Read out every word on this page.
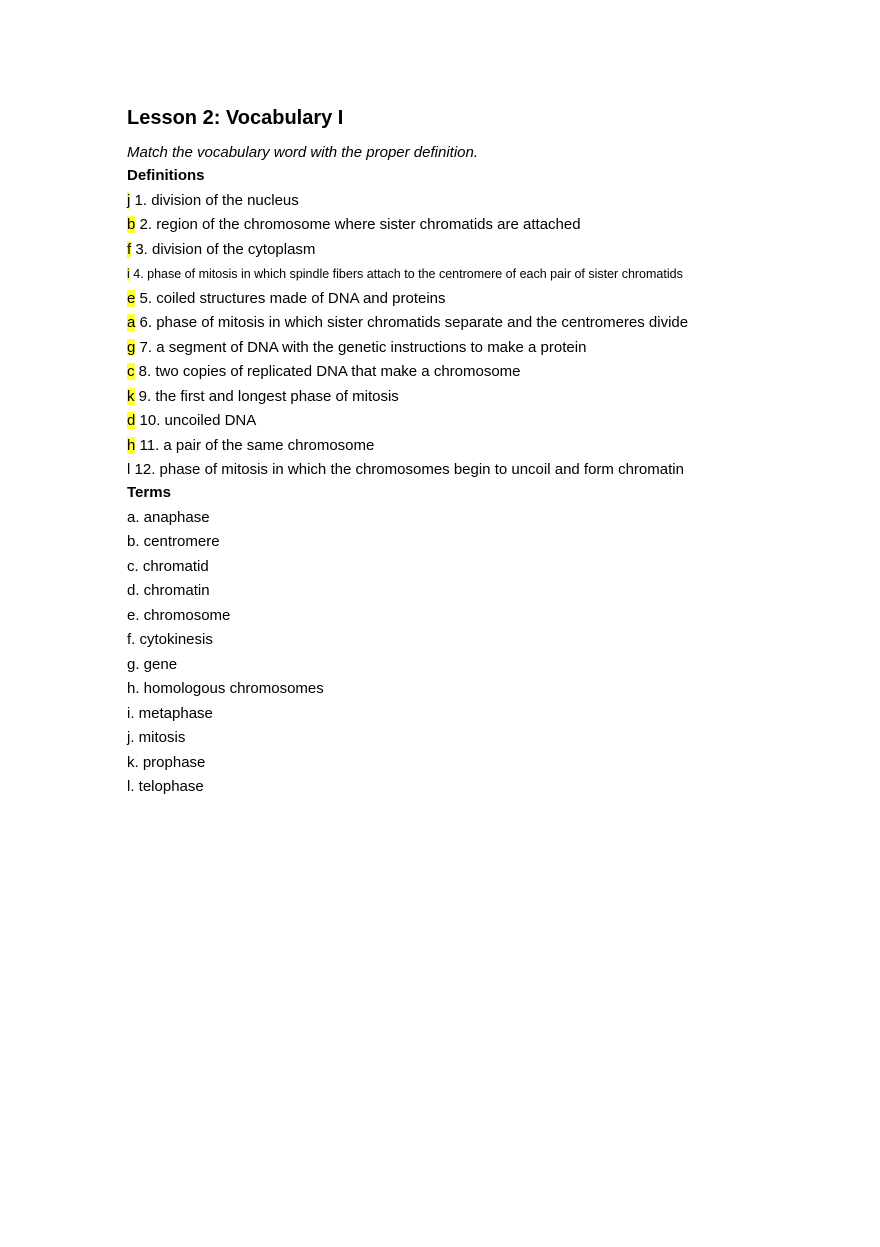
Lesson 2: Vocabulary I
Match the vocabulary word with the proper definition.
Definitions
j 1. division of the nucleus
b 2. region of the chromosome where sister chromatids are attached
f 3. division of the cytoplasm
i 4. phase of mitosis in which spindle fibers attach to the centromere of each pair of sister chromatids
e 5. coiled structures made of DNA and proteins
a 6. phase of mitosis in which sister chromatids separate and the centromeres divide
g 7. a segment of DNA with the genetic instructions to make a protein
c 8. two copies of replicated DNA that make a chromosome
k 9. the first and longest phase of mitosis
d 10. uncoiled DNA
h 11. a pair of the same chromosome
l 12. phase of mitosis in which the chromosomes begin to uncoil and form chromatin
Terms
a. anaphase
b. centromere
c. chromatid
d. chromatin
e. chromosome
f. cytokinesis
g. gene
h. homologous chromosomes
i. metaphase
j. mitosis
k. prophase
l. telophase
